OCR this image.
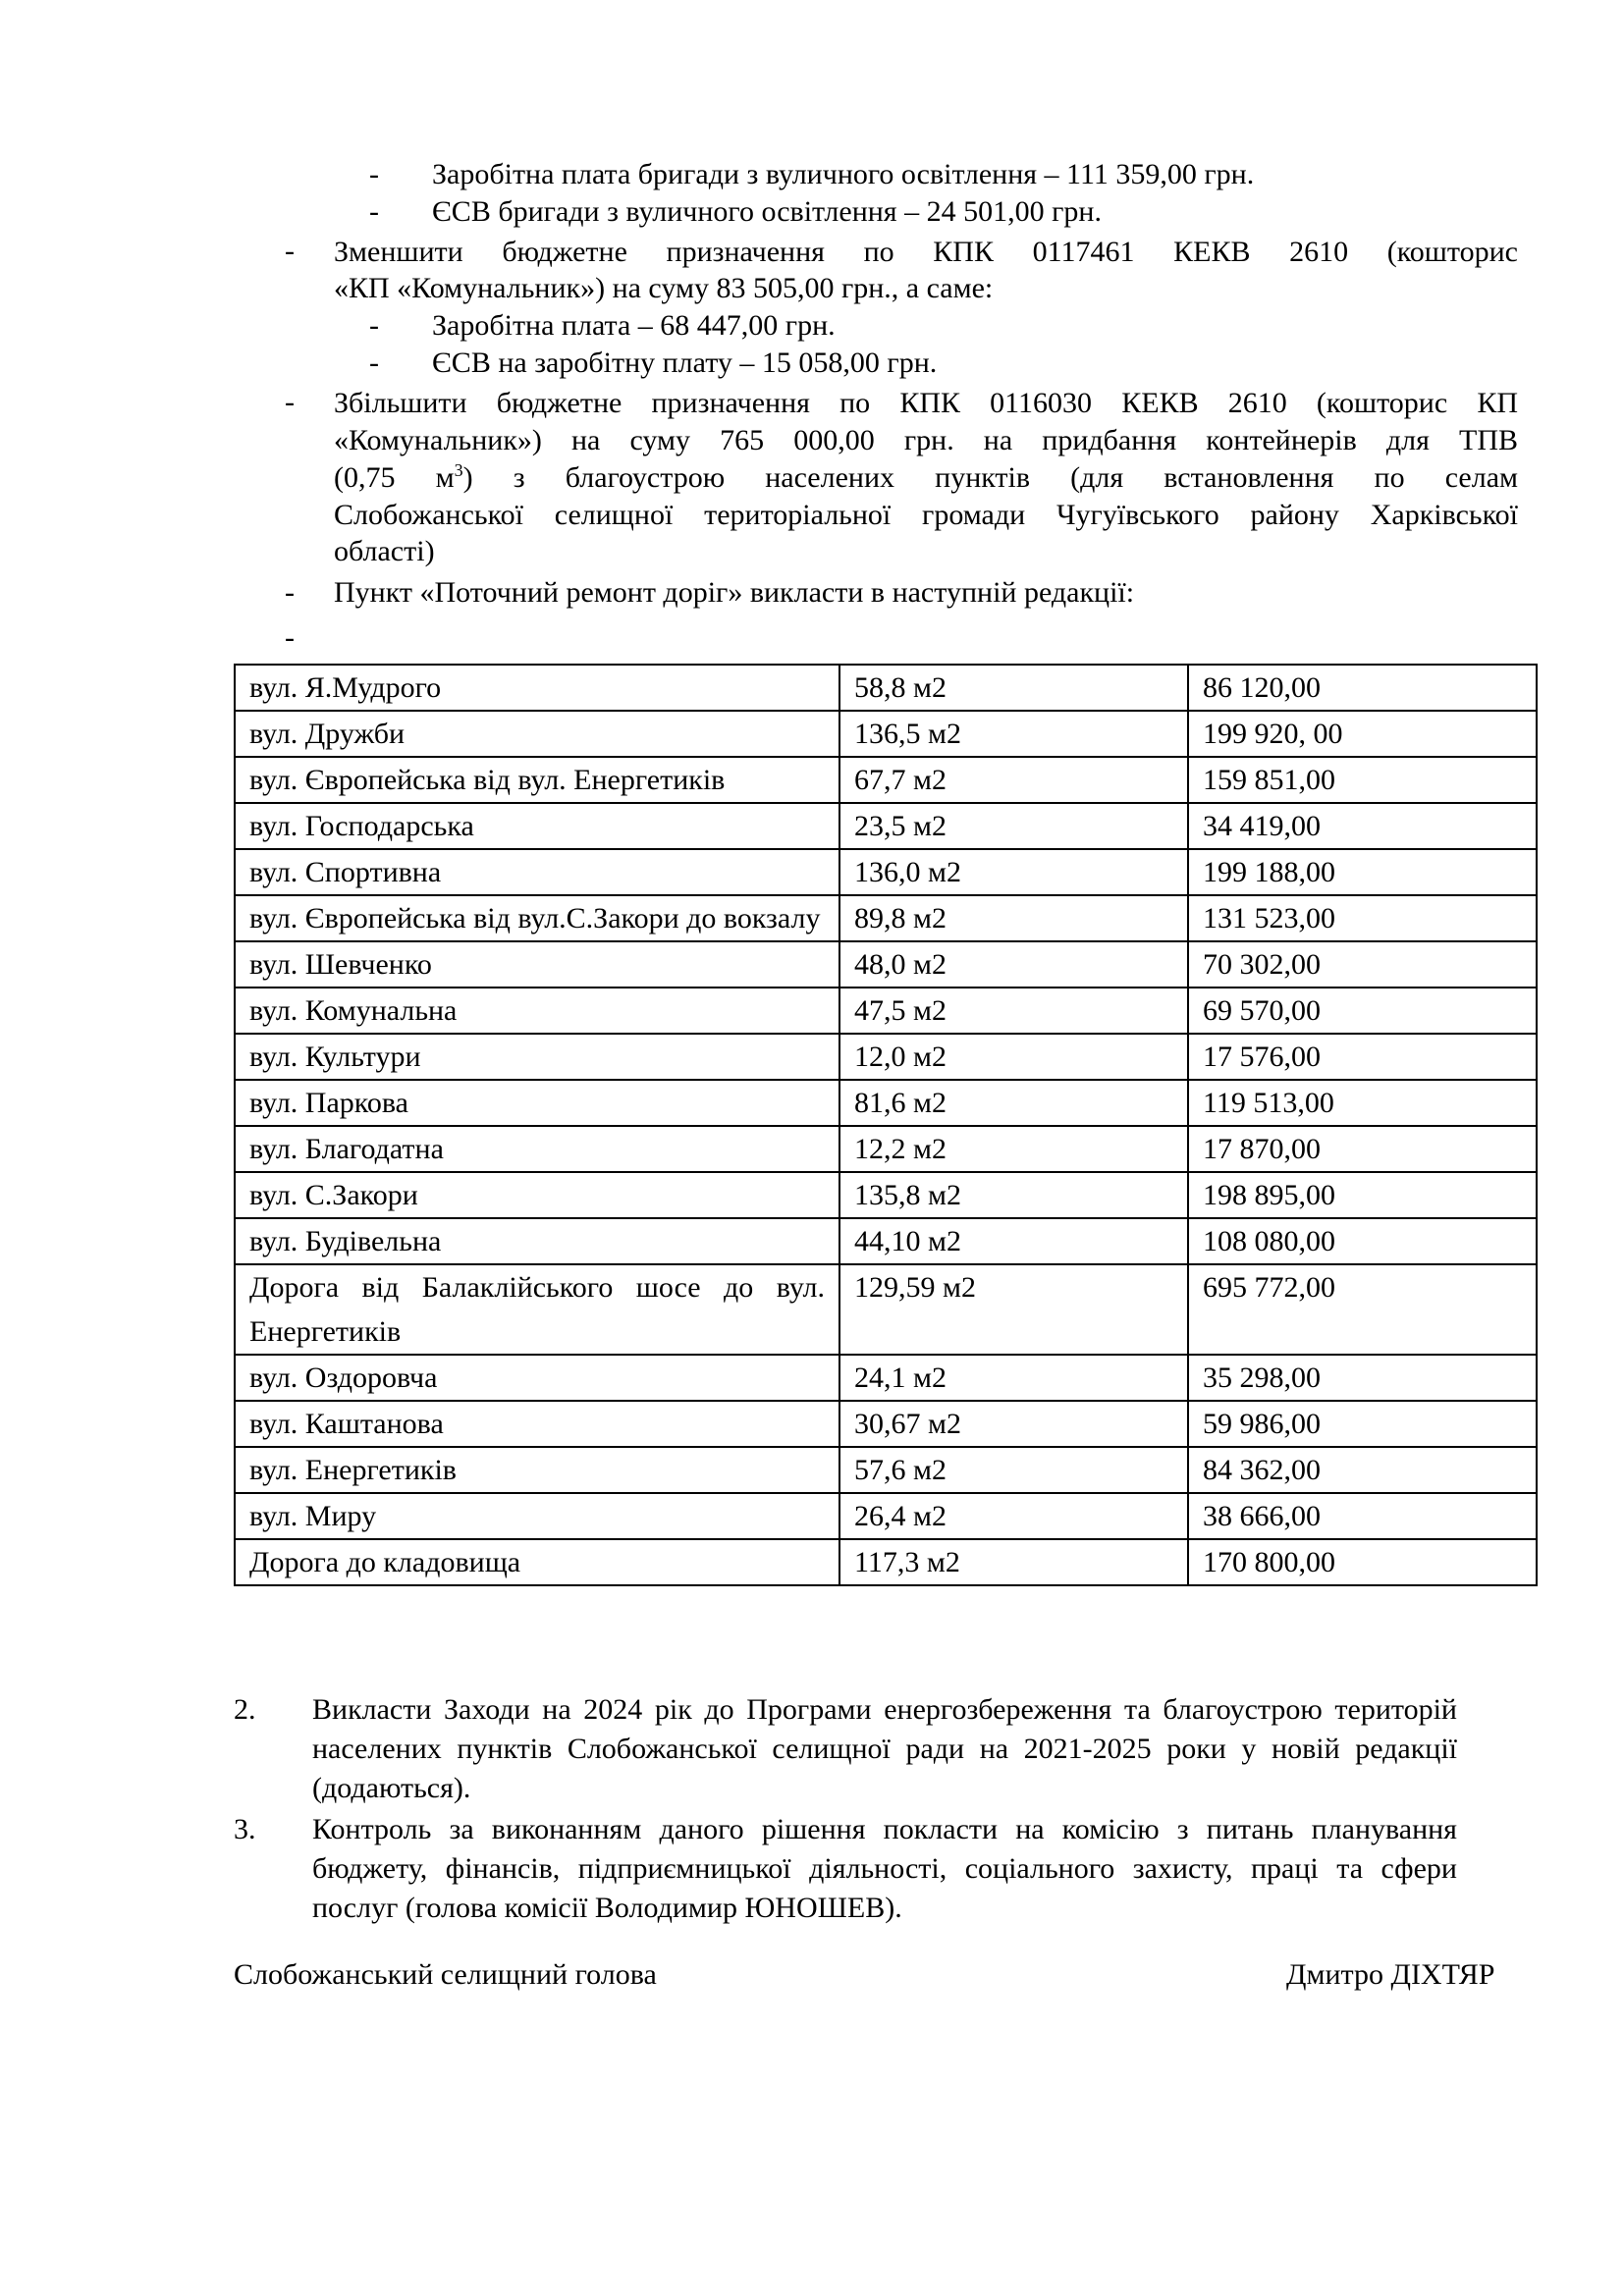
- Заробітна плата бригади з вуличного освітлення – 111 359,00 грн.
- ЄСВ бригади з вуличного освітлення – 24 501,00 грн.
- Зменшити бюджетне призначення по КПК 0117461 КЕКВ 2610 (кошторис
«КП «Комунальник») на суму 83 505,00 грн., а саме:
- Заробітна плата – 68 447,00 грн.
- ЄСВ на заробітну плату – 15 058,00 грн.
- Збільшити бюджетне призначення по КПК 0116030 КЕКВ 2610 (кошторис КП
«Комунальник») на суму 765 000,00 грн. на придбання контейнерів для ТПВ
(0,75 $м^3$) з благоустрою населених пунктів (для встановлення по селам
Слобожанської селищної територіальної громади Чугуївського району Харківської
області)
- Пункт «Поточний ремонт доріг» викласти в наступній редакції:
-
вул. Я.Мудрого	58,8 м2	86 120,00
вул. Дружби	136,5 м2	199 920, 00
вул. Європейська від вул. Енергетиків	67,7 м2	159 851,00
вул. Господарська	23,5 м2	34 419,00
вул. Спортивна	136,0 м2	199 188,00
вул. Європейська від вул.С.Закори до вокзалу	89,8 м2	131 523,00
вул. Шевченко	48,0 м2	70 302,00
вул. Комунальна	47,5 м2	69 570,00
вул. Культури	12,0 м2	17 576,00
вул. Паркова	81,6 м2	119 513,00
вул. Благодатна	12,2 м2	17 870,00
вул. С.Закори	135,8 м2	198 895,00
вул. Будівельна	44,10 м2	108 080,00
Дорога від Балаклійського шосе до вул. Енергетиків	129,59 м2	695 772,00
вул. Оздоровча	24,1 м2	35 298,00
вул. Каштанова	30,67 м2	59 986,00
вул. Енергетиків	57,6 м2	84 362,00
вул. Миру	26,4 м2	38 666,00
Дорога до кладовища	117,3 м2	170 800,00
2. Викласти Заходи на 2024 рік до Програми енергозбереження та благоустрою територій населених пунктів Слобожанської селищної ради на 2021-2025 роки у новій редакції (додаються).
3. Контроль за виконанням даного рішення покласти на комісію з питань планування бюджету, фінансів, підприємницької діяльності, соціального захисту, праці та сфери послуг (голова комісії Володимир ЮНОШЕВ).
Слобожанський селищний голова	Дмитро ДІХТЯР
